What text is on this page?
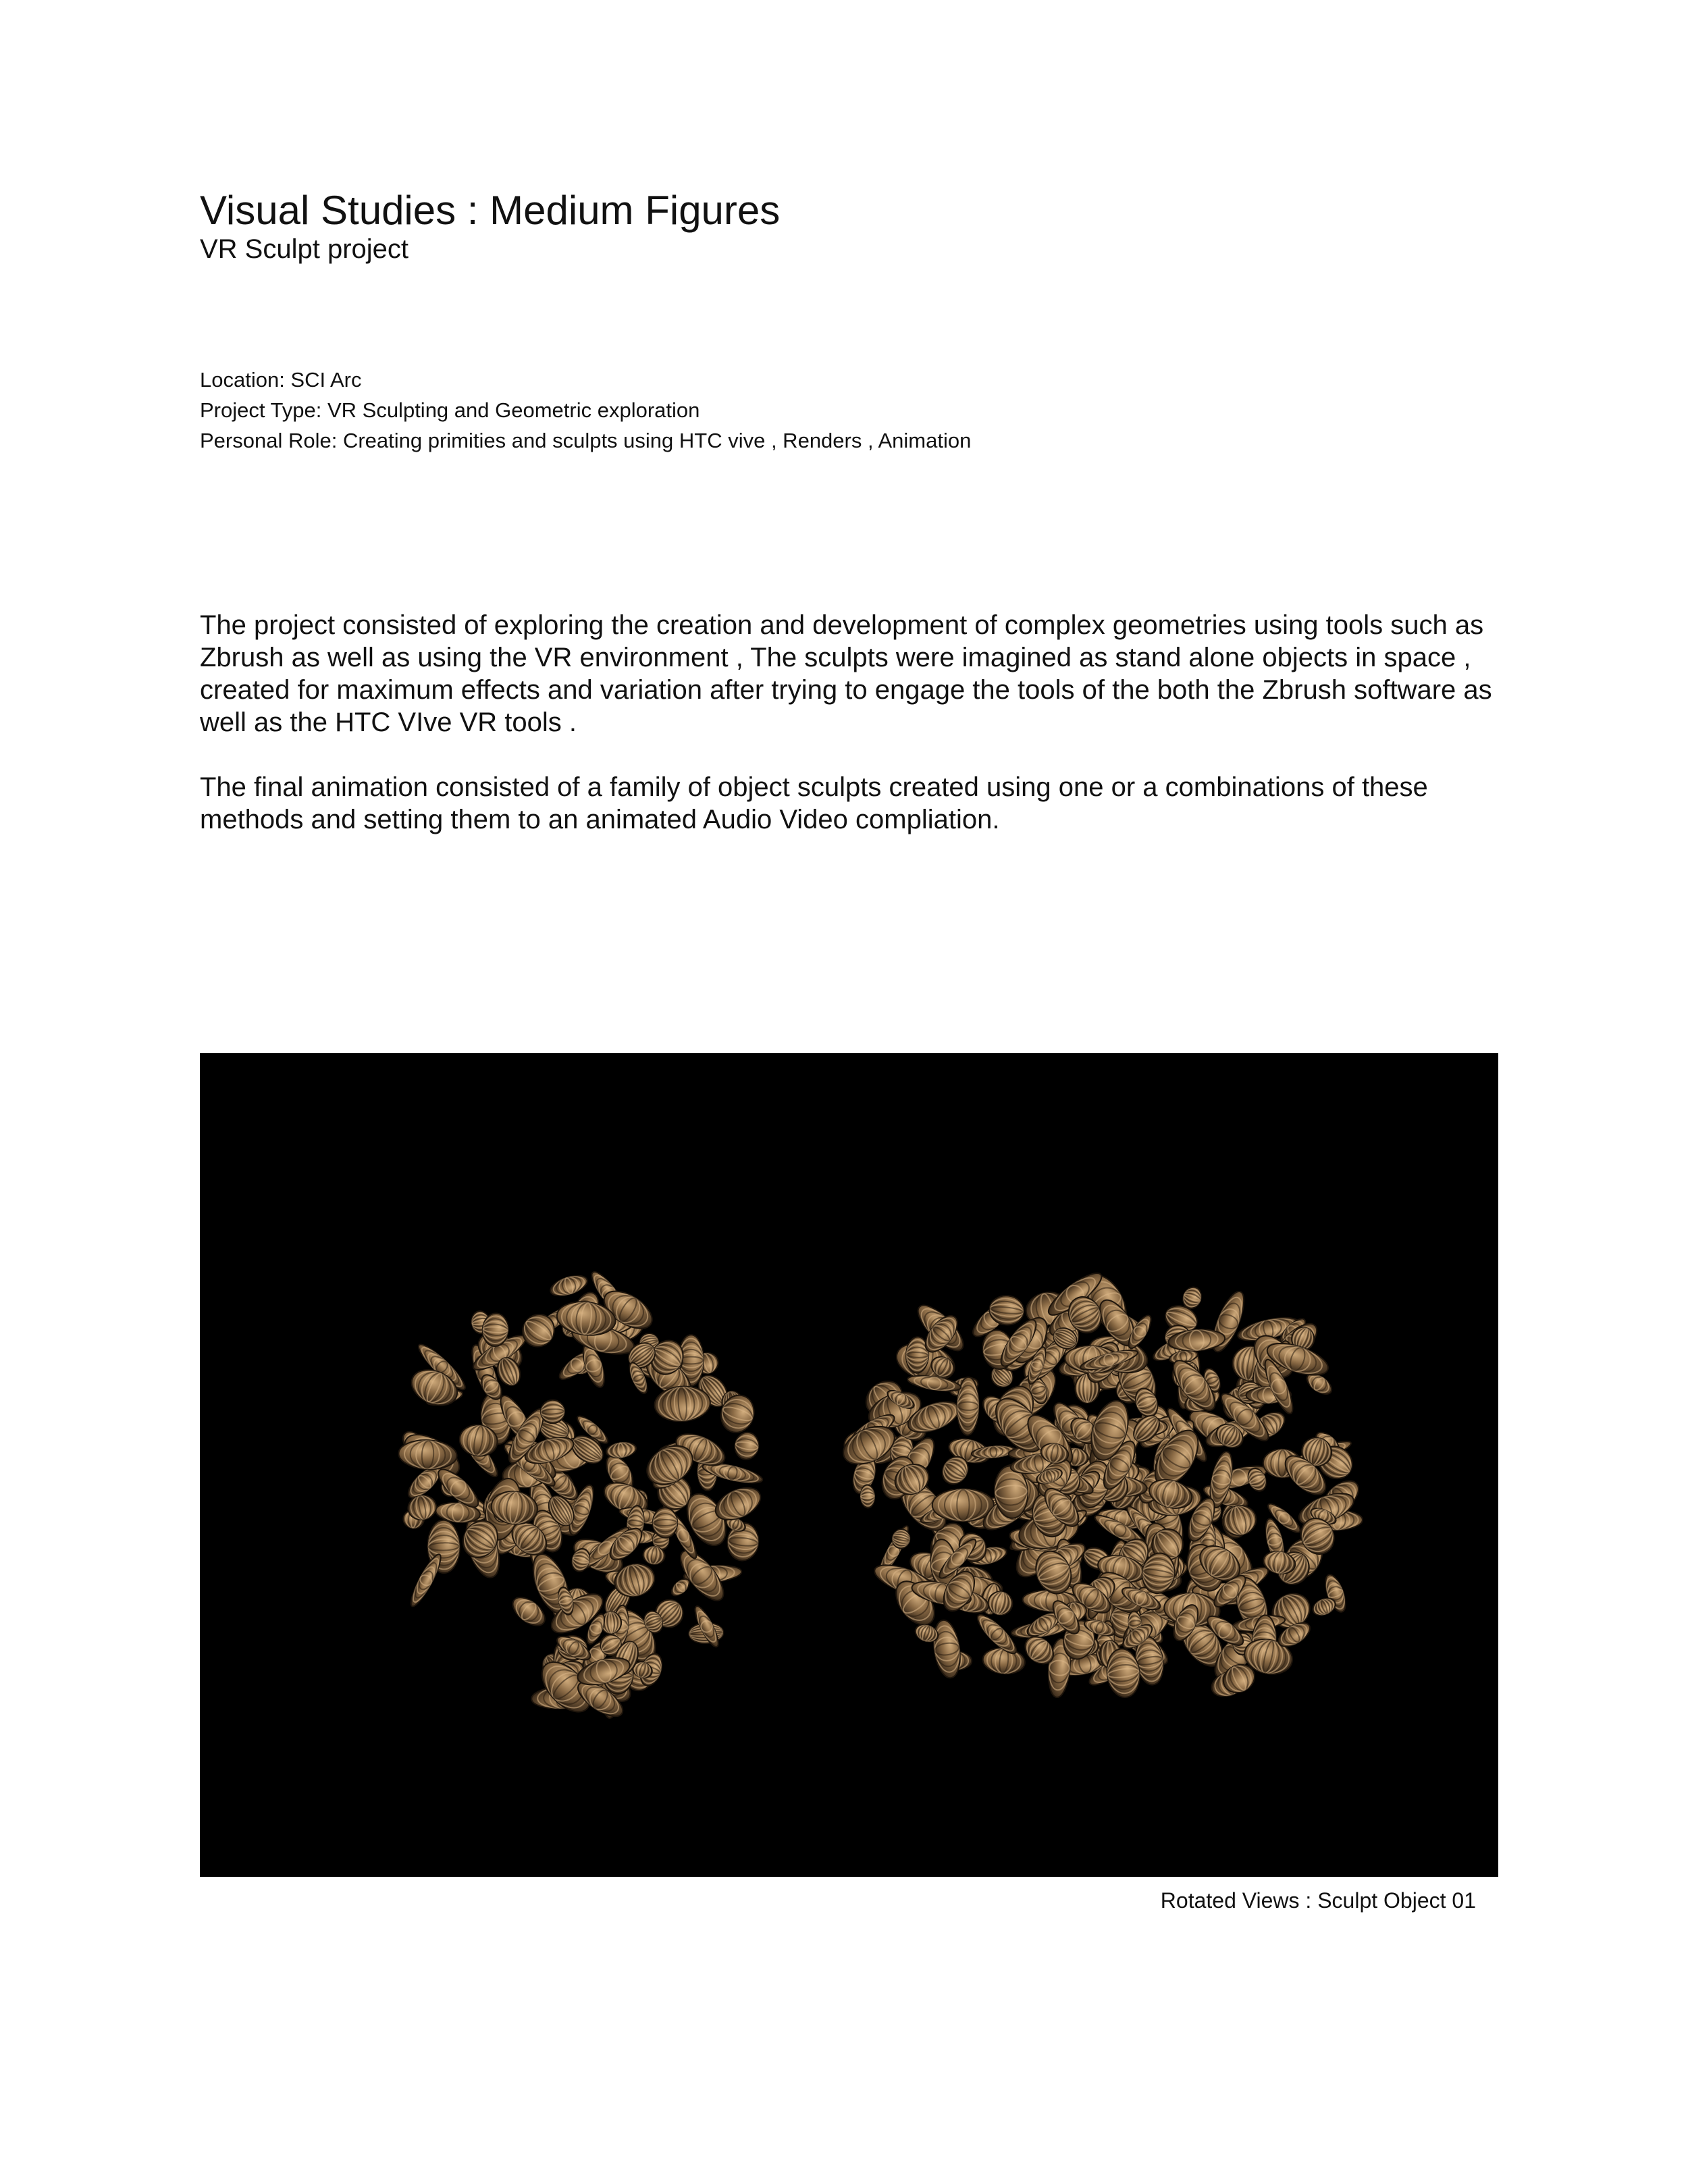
Visual Studies : Medium Figures
VR Sculpt project
Location: SCI Arc
Project Type: VR Sculpting and Geometric exploration
Personal Role: Creating primities and sculpts using HTC vive , Renders , Animation

The project consisted of exploring the creation and development of complex geometries using tools such as Zbrush as well as using the VR environment , The sculpts were imagined as stand alone objects in space , created for maximum effects and variation after trying to engage the tools of the both the Zbrush software as well as the HTC VIve VR tools .

The final animation consisted of a family of object sculpts created using one or a combinations of these methods and setting them to an animated Audio Video compliation.

Rotated Views : Sculpt Object 01
